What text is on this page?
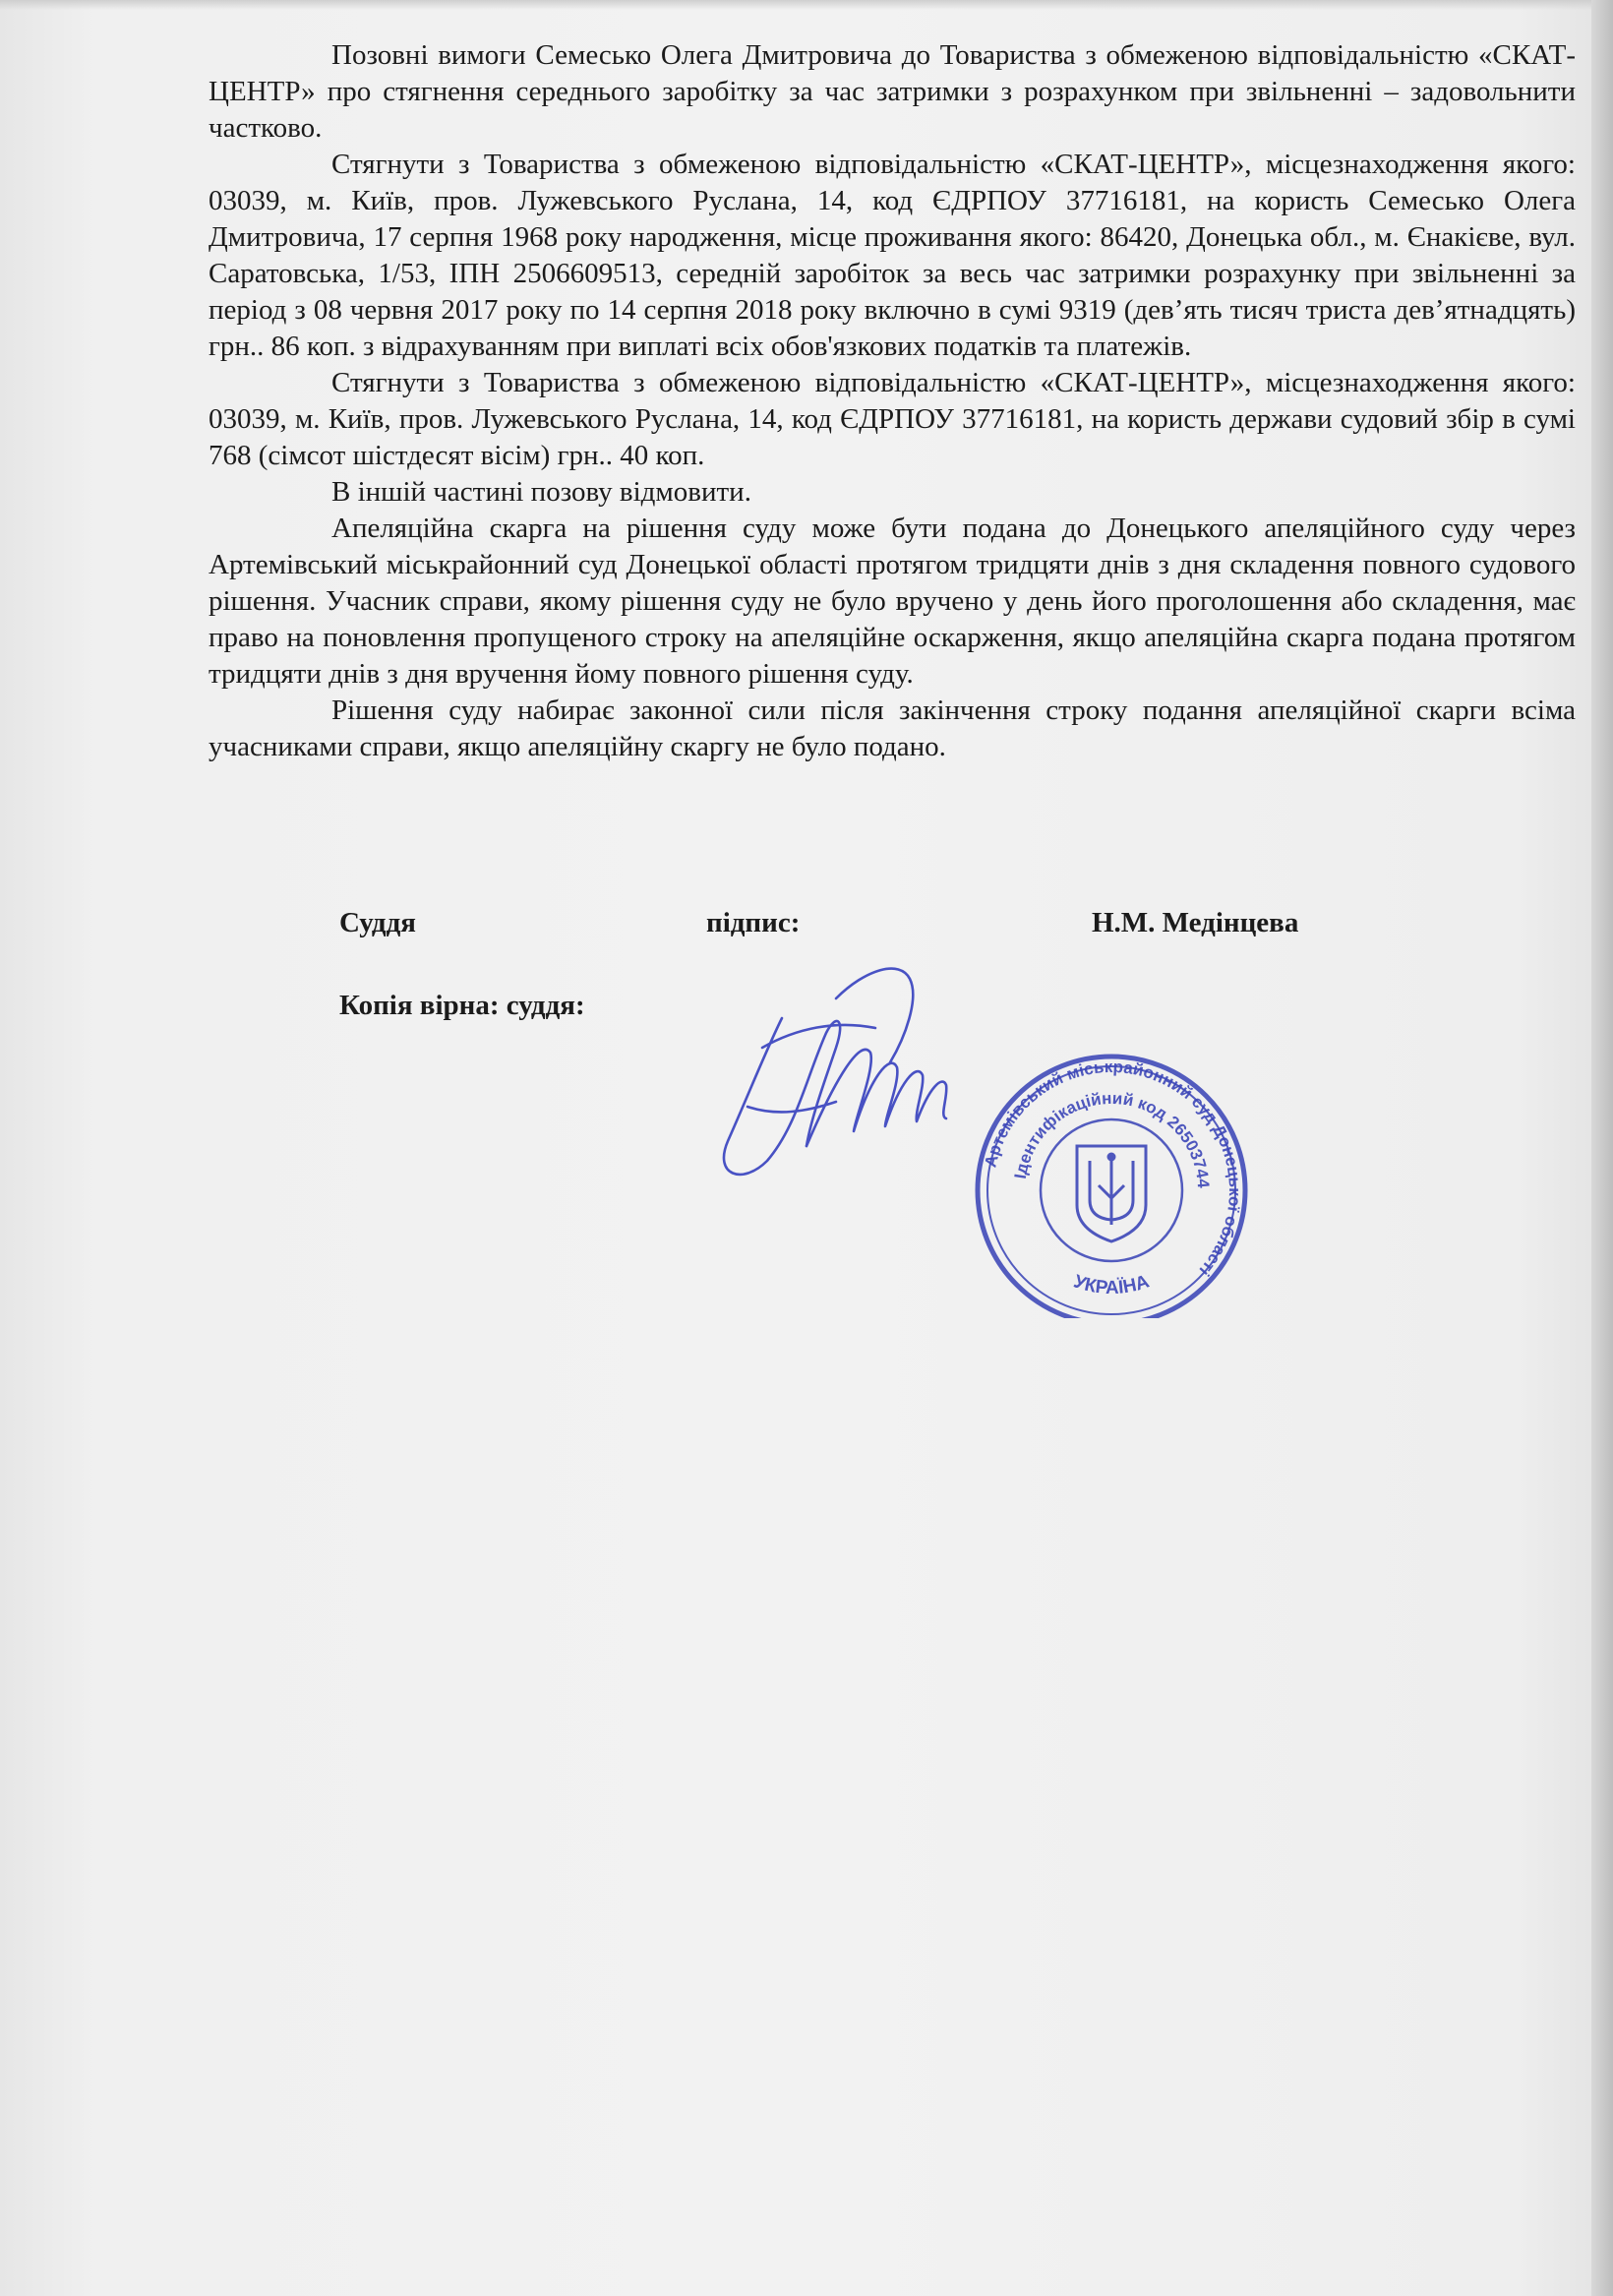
Позовні вимоги Семесько Олега Дмитровича до Товариства з обмеженою відповідальністю «СКАТ-ЦЕНТР» про стягнення середнього заробітку за час затримки з розрахунком при звільненні – задовольнити частково.

Стягнути з Товариства з обмеженою відповідальністю «СКАТ-ЦЕНТР», місцезнаходження якого: 03039, м. Київ, пров. Лужевського Руслана, 14, код ЄДРПОУ 37716181, на користь Семесько Олега Дмитровича, 17 серпня 1968 року народження, місце проживання якого: 86420, Донецька обл., м. Єнакієве, вул. Саратовська, 1/53, ІПН 2506609513, середній заробіток за весь час затримки розрахунку при звільненні за період з 08 червня 2017 року по 14 серпня 2018 року включно в сумі 9319 (дев’ять тисяч триста дев’ятнадцять) грн.. 86 коп. з відрахуванням при виплаті всіх обов'язкових податків та платежів.

Стягнути з Товариства з обмеженою відповідальністю «СКАТ-ЦЕНТР», місцезнаходження якого: 03039, м. Київ, пров. Лужевського Руслана, 14, код ЄДРПОУ 37716181, на користь держави судовий збір в сумі 768 (сімсот шістдесят вісім) грн.. 40 коп.

В іншій частині позову відмовити.

Апеляційна скарга на рішення суду може бути подана до Донецького апеляційного суду через Артемівський міськрайонний суд Донецької області протягом тридцяти днів з дня складення повного судового рішення. Учасник справи, якому рішення суду не було вручено у день його проголошення або складення, має право на поновлення пропущеного строку на апеляційне оскарження, якщо апеляційна скарга подана протягом тридцяти днів з дня вручення йому повного рішення суду.

Рішення суду набирає законної сили після закінчення строку подання апеляційної скарги всіма учасниками справи, якщо апеляційну скаргу не було подано.

Суддя	підпис:	Н.М. Медінцева
Копія вірна: суддя:
Артемівський міськрайонний суд Донецької області
Ідентифікаційний код 26503744
УКРАЇНА
